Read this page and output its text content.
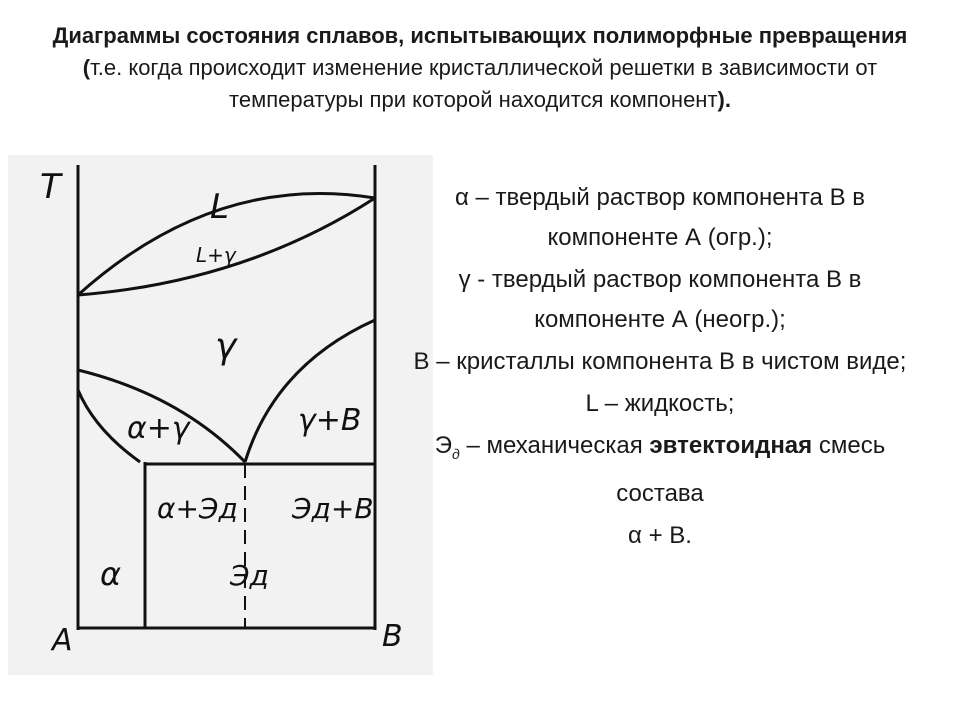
Диаграммы состояния сплавов, испытывающих полиморфные превращения (т.е. когда происходит изменение кристаллической решетки в зависимости от температуры при которой находится компонент).
T
A	B
L
L+γ
γ
α+γ	γ+B
α+Эд Эд+B
α	Эд
α – твердый раствор компонента В в компоненте А (огр.);
γ - твердый раствор компонента В в компоненте А (неогр.);
В – кристаллы компонента В в чистом виде;
L – жидкость;
$Э_д$ – механическая эвтектоидная смесь состава
α + В.
